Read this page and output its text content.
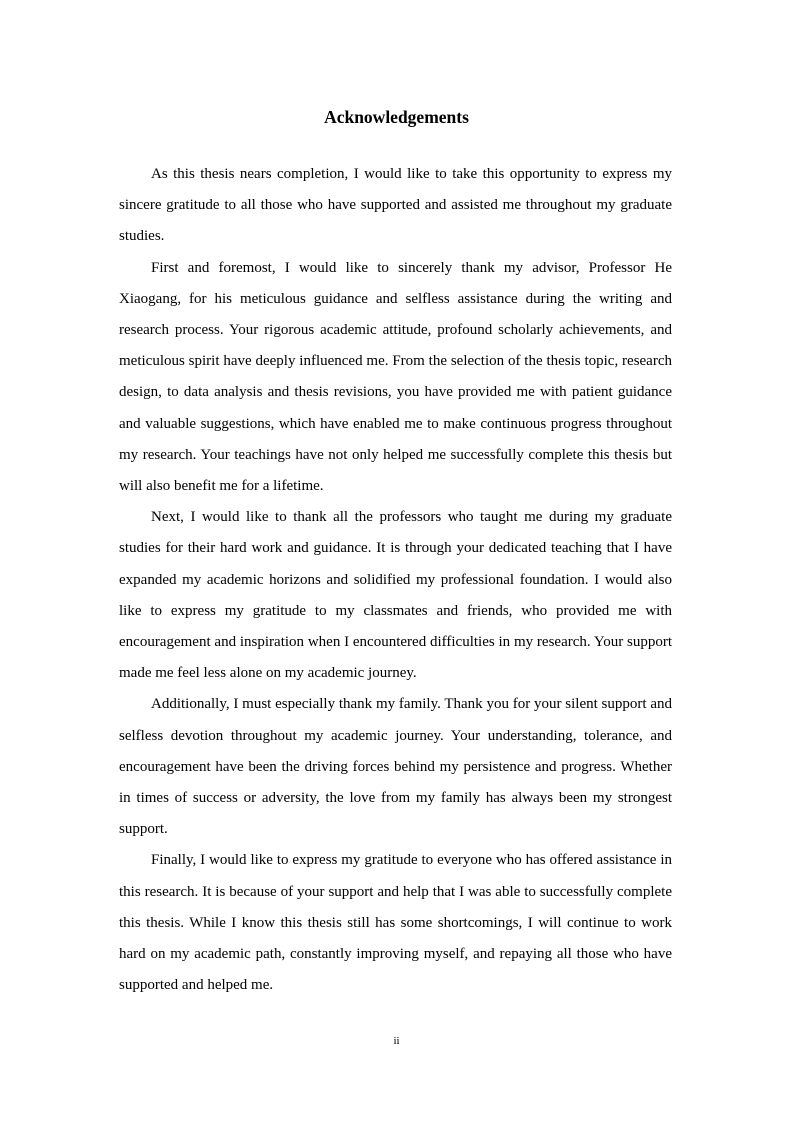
Acknowledgements

As this thesis nears completion, I would like to take this opportunity to express my sincere gratitude to all those who have supported and assisted me throughout my graduate studies.

First and foremost, I would like to sincerely thank my advisor, Professor He Xiaogang, for his meticulous guidance and selfless assistance during the writing and research process. Your rigorous academic attitude, profound scholarly achievements, and meticulous spirit have deeply influenced me. From the selection of the thesis topic, research design, to data analysis and thesis revisions, you have provided me with patient guidance and valuable suggestions, which have enabled me to make continuous progress throughout my research. Your teachings have not only helped me successfully complete this thesis but will also benefit me for a lifetime.

Next, I would like to thank all the professors who taught me during my graduate studies for their hard work and guidance. It is through your dedicated teaching that I have expanded my academic horizons and solidified my professional foundation. I would also like to express my gratitude to my classmates and friends, who provided me with encouragement and inspiration when I encountered difficulties in my research. Your support made me feel less alone on my academic journey.

Additionally, I must especially thank my family. Thank you for your silent support and selfless devotion throughout my academic journey. Your understanding, tolerance, and encouragement have been the driving forces behind my persistence and progress. Whether in times of success or adversity, the love from my family has always been my strongest support.

Finally, I would like to express my gratitude to everyone who has offered assistance in this research. It is because of your support and help that I was able to successfully complete this thesis. While I know this thesis still has some shortcomings, I will continue to work hard on my academic path, constantly improving myself, and repaying all those who have supported and helped me.

ii
